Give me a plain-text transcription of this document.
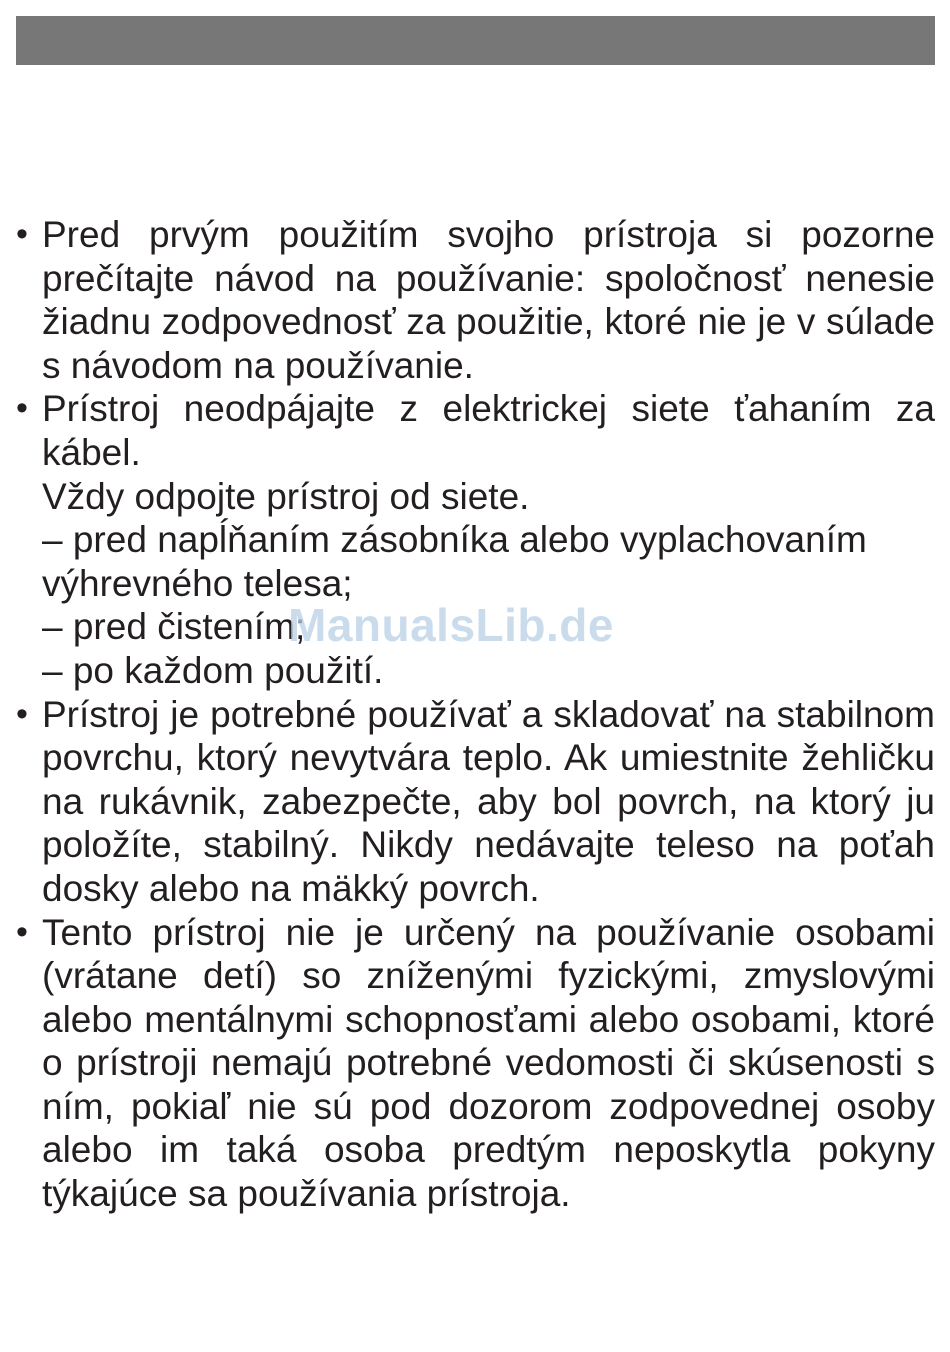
• Pred prvým použitím svojho prístroja si pozorne prečítajte návod na používanie: spoločnosť nenesie žiadnu zodpovednosť za použitie, ktoré nie je v súlade s návodom na používanie.

• Prístroj neodpájajte z elektrickej siete ťahaním za kábel.

Vždy odpojte prístroj od siete.

– pred napĺňaním zásobníka alebo vyplachovaním

výhrevného telesa;

– pred čistením;

– po každom použití.

• Prístroj je potrebné používať a skladovať na stabilnom povrchu, ktorý nevytvára teplo. Ak umiestnite žehličku na rukávnik, zabezpečte, aby bol povrch, na ktorý ju položíte, stabilný. Nikdy nedávajte teleso na poťah dosky alebo na mäkký povrch.

• Tento prístroj nie je určený na používanie osobami (vrátane detí) so zníženými fyzickými, zmyslovými alebo mentálnymi schopnosťami alebo osobami, ktoré o prístroji nemajú potrebné vedomosti či skúsenosti s ním, pokiaľ nie sú pod dozorom zodpovednej osoby alebo im taká osoba predtým neposkytla pokyny týkajúce sa používania prístroja.

ManualsLib.de
